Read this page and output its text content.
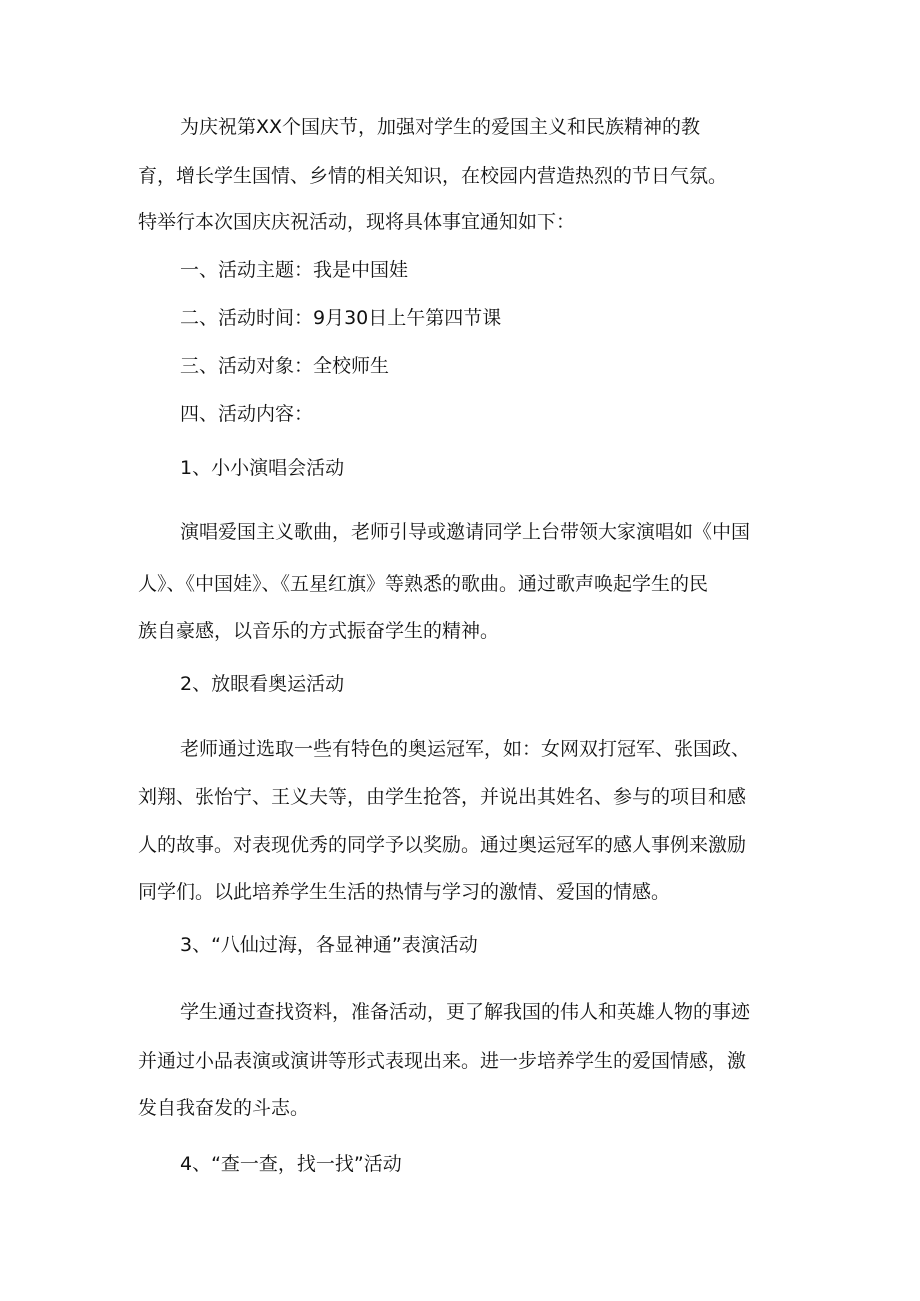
为庆祝第XX个国庆节，加强对学生的爱国主义和民族精神的教
育，增长学生国情、乡情的相关知识，在校园内营造热烈的节日气氛。
特举行本次国庆庆祝活动，现将具体事宜通知如下：
一、活动主题：我是中国娃
二、活动时间：9月30日上午第四节课
三、活动对象：全校师生
四、活动内容：
1、小小演唱会活动
演唱爱国主义歌曲，老师引导或邀请同学上台带领大家演唱如《中国
人》、《中国娃》、《五星红旗》等熟悉的歌曲。通过歌声唤起学生的民
族自豪感，以音乐的方式振奋学生的精神。
2、放眼看奥运活动
老师通过选取一些有特色的奥运冠军，如：女网双打冠军、张国政、
刘翔、张怡宁、王义夫等，由学生抢答，并说出其姓名、参与的项目和感
人的故事。对表现优秀的同学予以奖励。通过奥运冠军的感人事例来激励
同学们。以此培养学生生活的热情与学习的激情、爱国的情感。
3、“八仙过海，各显神通”表演活动
学生通过查找资料，准备活动，更了解我国的伟人和英雄人物的事迹
并通过小品表演或演讲等形式表现出来。进一步培养学生的爱国情感，激
发自我奋发的斗志。
4、“查一查，找一找”活动
